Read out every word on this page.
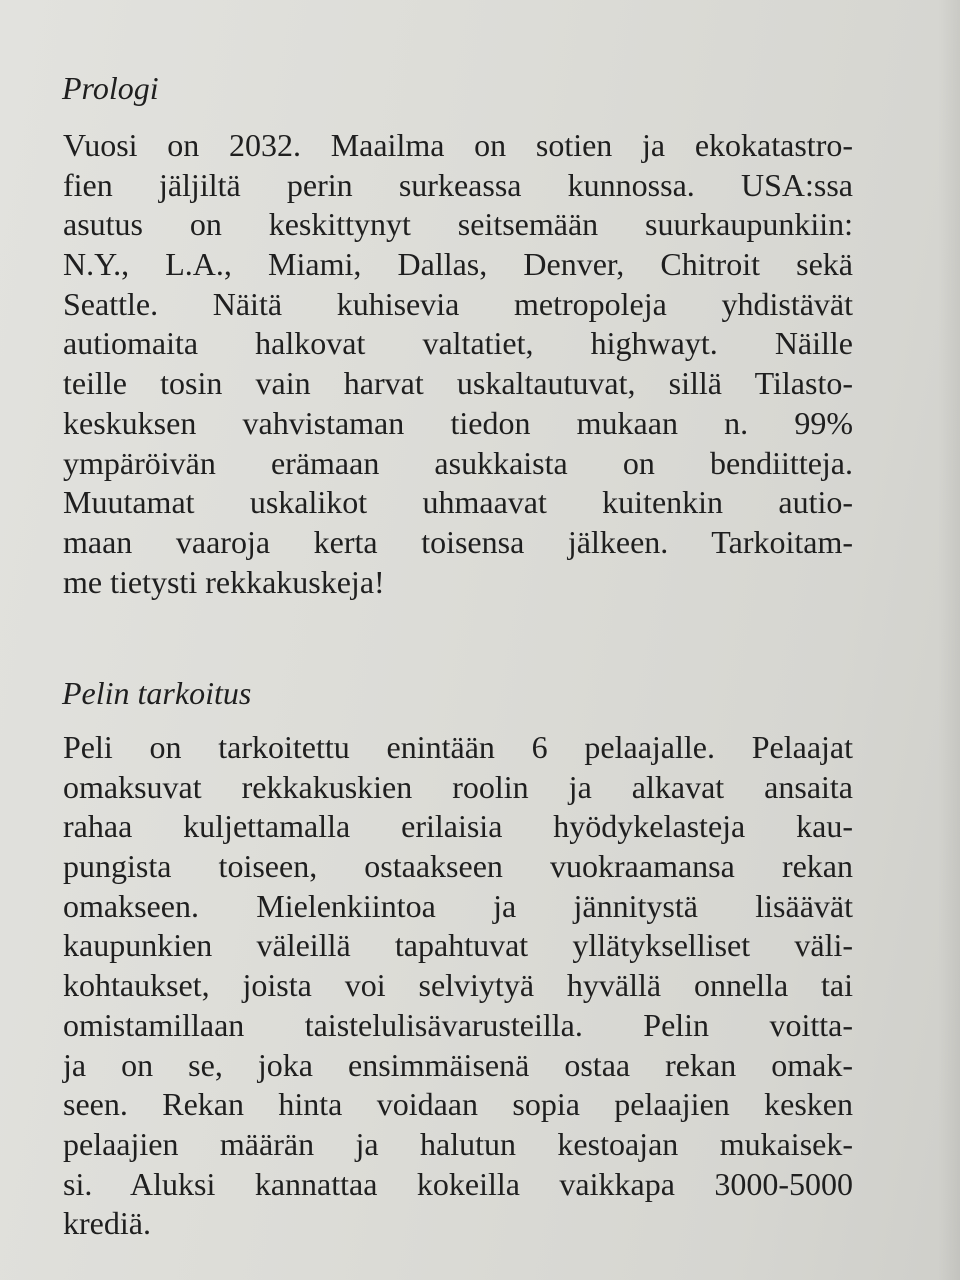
Prologi
Vuosi on 2032. Maailma on sotien ja ekokatastro-
fien jäljiltä perin surkeassa kunnossa. USA:ssa
asutus on keskittynyt seitsemään suurkaupunkiin:
N.Y., L.A., Miami, Dallas, Denver, Chitroit sekä
Seattle. Näitä kuhisevia metropoleja yhdistävät
autiomaita halkovat valtatiet, highwayt. Näille
teille tosin vain harvat uskaltautuvat, sillä Tilasto-
keskuksen vahvistaman tiedon mukaan n. 99%
ympäröivän erämaan asukkaista on bendiitteja.
Muutamat uskalikot uhmaavat kuitenkin autio-
maan vaaroja kerta toisensa jälkeen. Tarkoitam-
me tietysti rekkakuskeja!
Pelin tarkoitus
Peli on tarkoitettu enintään 6 pelaajalle. Pelaajat
omaksuvat rekkakuskien roolin ja alkavat ansaita
rahaa kuljettamalla erilaisia hyödykelasteja kau-
pungista toiseen, ostaakseen vuokraamansa rekan
omakseen. Mielenkiintoa ja jännitystä lisäävät
kaupunkien väleillä tapahtuvat yllätykselliset väli-
kohtaukset, joista voi selviytyä hyvällä onnella tai
omistamillaan taistelulisävarusteilla. Pelin voitta-
ja on se, joka ensimmäisenä ostaa rekan omak-
seen. Rekan hinta voidaan sopia pelaajien kesken
pelaajien määrän ja halutun kestoajan mukaisek-
si. Aluksi kannattaa kokeilla vaikkapa 3000-5000
krediä.
